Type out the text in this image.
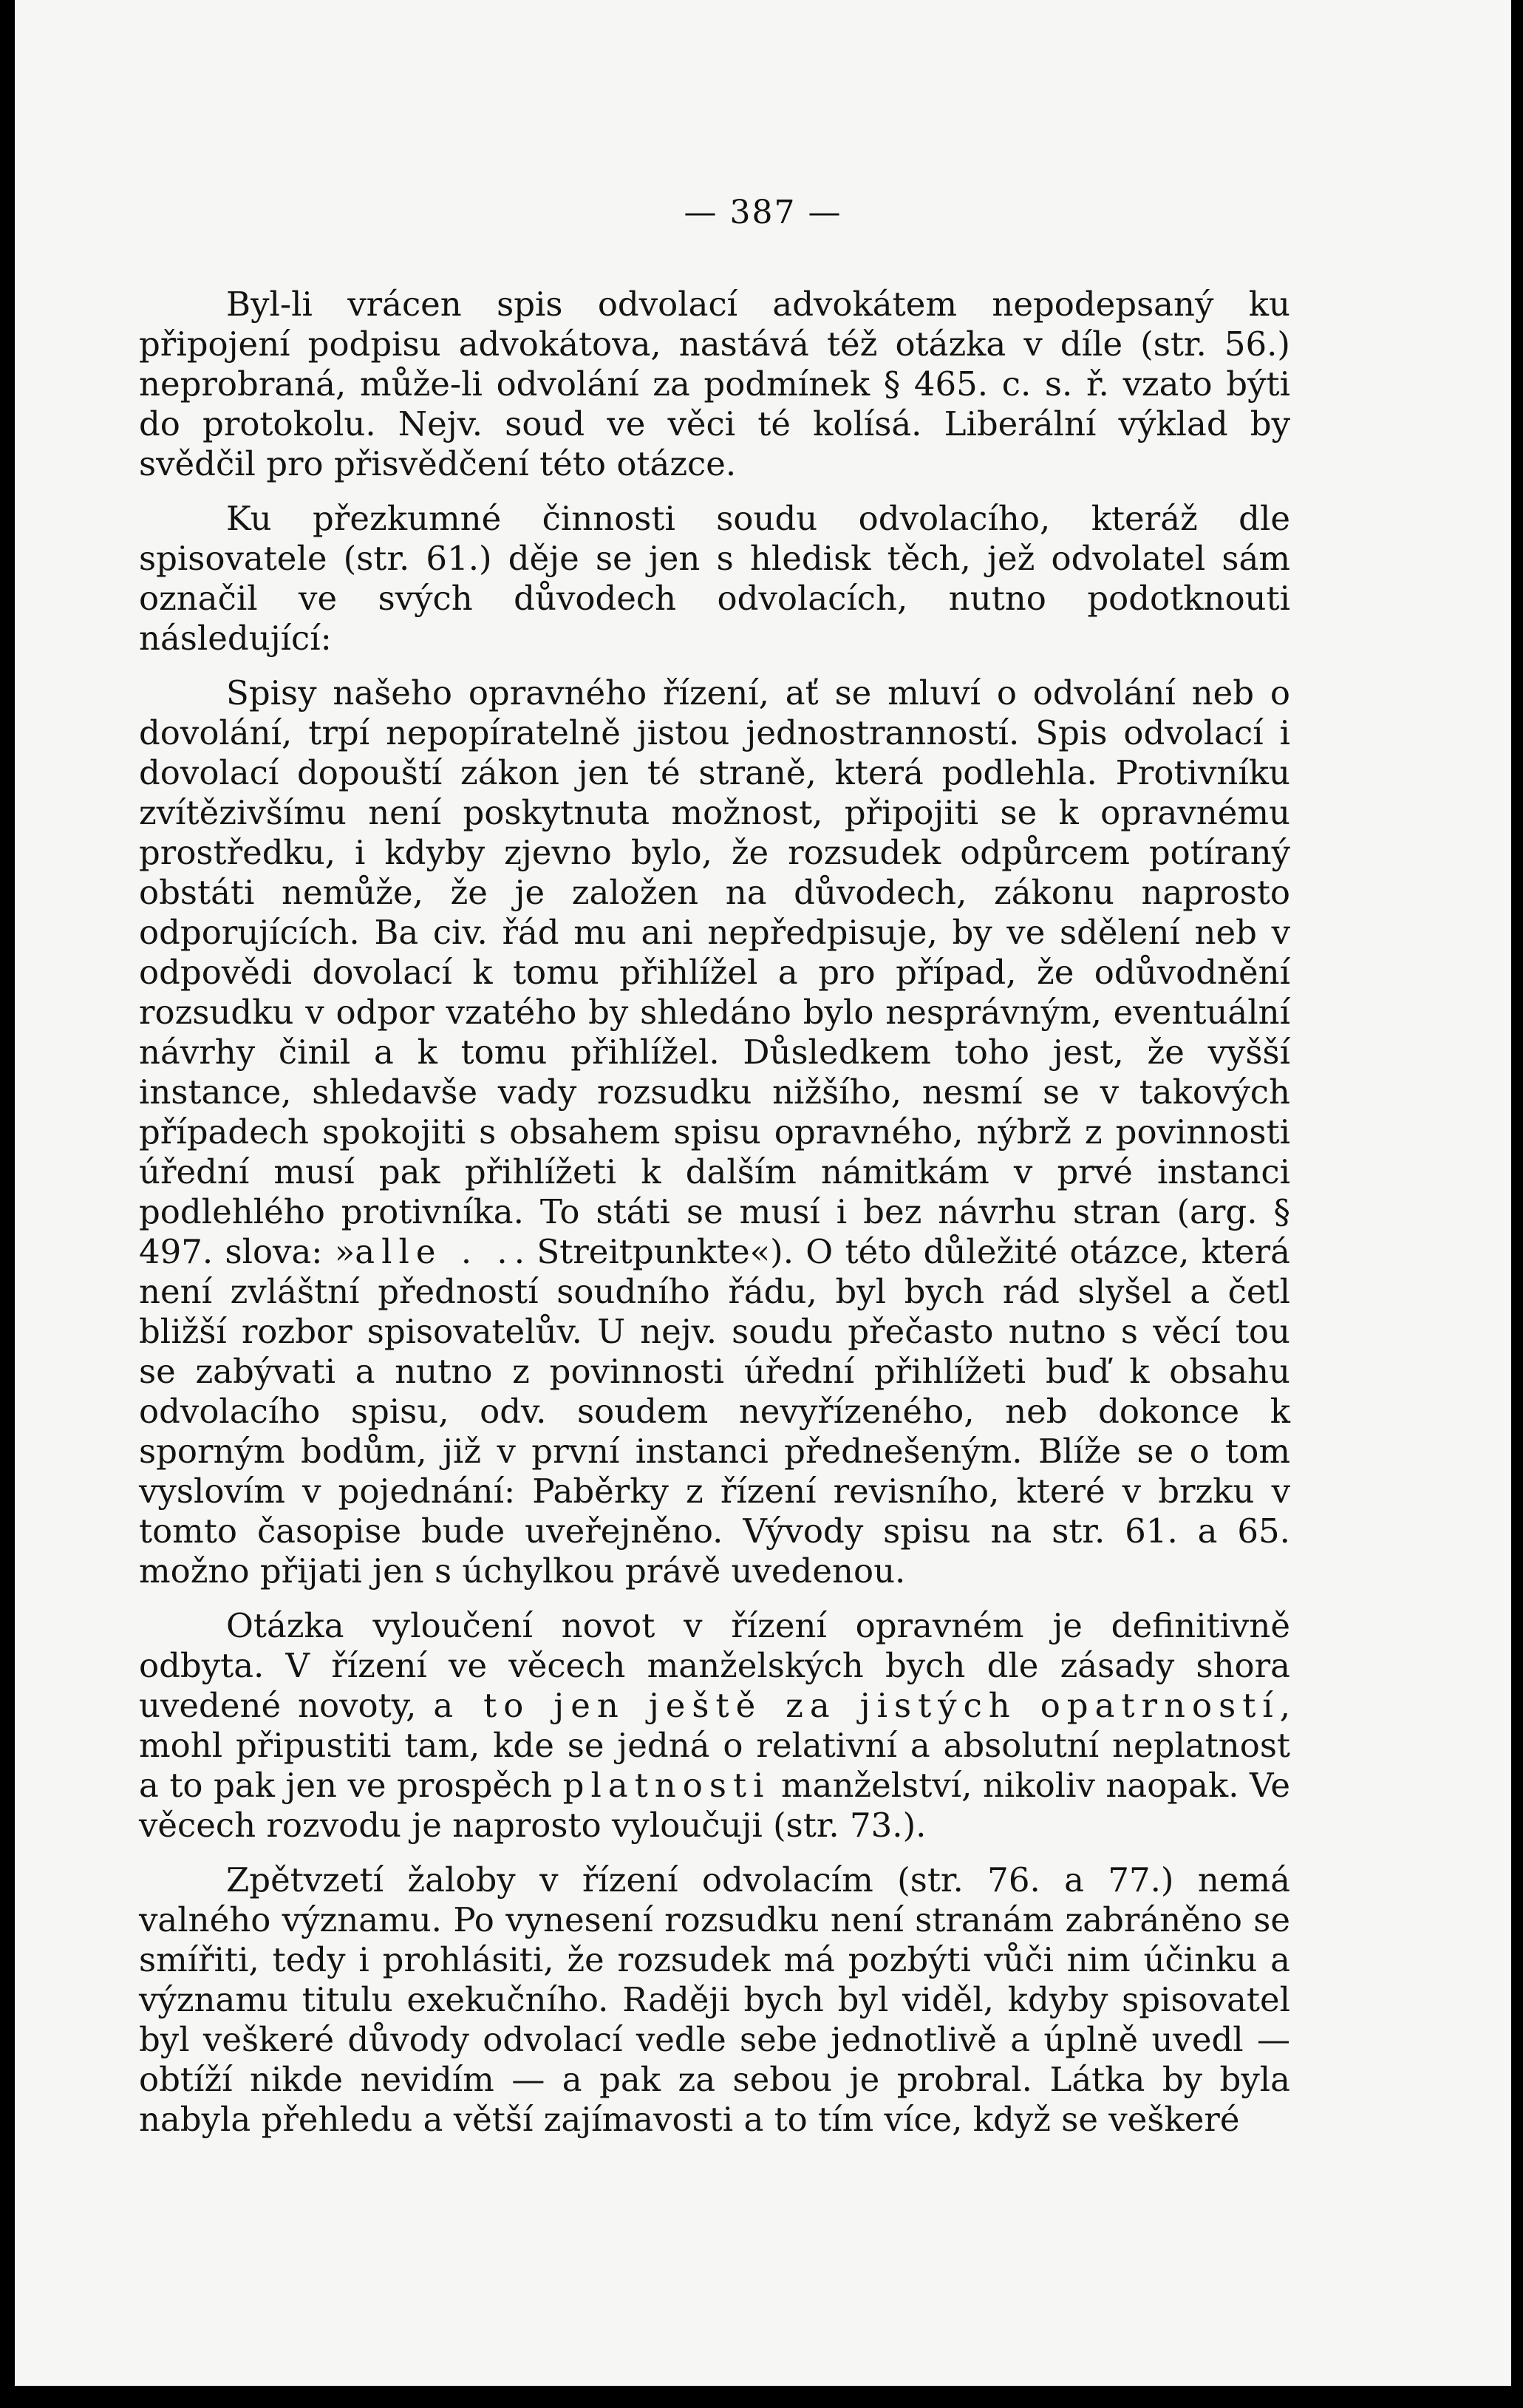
— 387 —

Byl-li vrácen spis odvolací advokátem nepodepsaný ku připojení podpisu advokátova, nastává též otázka v díle (str. 56.) neprobraná, může-li odvolání za podmínek § 465. c. s. ř. vzato býti do protokolu. Nejv. soud ve věci té kolísá. Liberální výklad by svědčil pro přisvědčení této otázce.

Ku přezkumné činnosti soudu odvolacího, kteráž dle spisovatele (str. 61.) děje se jen s hledisk těch, jež odvolatel sám označil ve svých důvodech odvolacích, nutno podotknouti následující:

Spisy našeho opravného řízení, ať se mluví o odvolání neb o dovolání, trpí nepopíratelně jistou jednostranností. Spis odvolací i dovolací dopouští zákon jen té straně, která podlehla. Protivníku zvítězivšímu není poskytnuta možnost, připojiti se k opravnému prostředku, i kdyby zjevno bylo, že rozsudek odpůrcem potíraný obstáti nemůže, že je založen na důvodech, zákonu naprosto odporujících. Ba civ. řád mu ani nepředpisuje, by ve sdělení neb v odpovědi dovolací k tomu přihlížel a pro případ, že odůvodnění rozsudku v odpor vzatého by shledáno bylo nesprávným, eventuální návrhy činil a k tomu přihlížel. Důsledkem toho jest, že vyšší instance, shledavše vady rozsudku nižšího, nesmí se v takových případech spokojiti s obsahem spisu opravného, nýbrž z povinnosti úřední musí pak přihlížeti k dalším námitkám v prvé instanci podlehlého protivníka. To státi se musí i bez návrhu stran (arg. § 497. slova: »alle . .. Streitpunkte«). O této důležité otázce, která není zvláštní předností soudního řádu, byl bych rád slyšel a četl bližší rozbor spisovatelův. U nejv. soudu přečasto nutno s věcí tou se zabývati a nutno z povinnosti úřední přihlížeti buď k obsahu odvolacího spisu, odv. soudem nevyřízeného, neb dokonce k sporným bodům, již v první instanci přednešeným. Blíže se o tom vyslovím v pojednání: Paběrky z řízení revisního, které v brzku v tomto časopise bude uveřejněno. Vývody spisu na str. 61. a 65. možno přijati jen s úchylkou právě uvedenou.

Otázka vyloučení novot v řízení opravném je definitivně odbyta. V řízení ve věcech manželských bych dle zásady shora uvedené novoty, a to jen ještě za jistých opatrností, mohl připustiti tam, kde se jedná o relativní a absolutní neplatnost a to pak jen ve prospěch platnosti manželství, nikoliv naopak. Ve věcech rozvodu je naprosto vyloučuji (str. 73.).

Zpětvzetí žaloby v řízení odvolacím (str. 76. a 77.) nemá valného významu. Po vynesení rozsudku není stranám zabráněno se smířiti, tedy i prohlásiti, že rozsudek má pozbýti vůči nim účinku a významu titulu exekučního. Raději bych byl viděl, kdyby spisovatel byl veškeré důvody odvolací vedle sebe jednotlivě a úplně uvedl — obtíží nikde nevidím — a pak za sebou je probral. Látka by byla nabyla přehledu a větší zajímavosti a to tím více, když se veškeré
